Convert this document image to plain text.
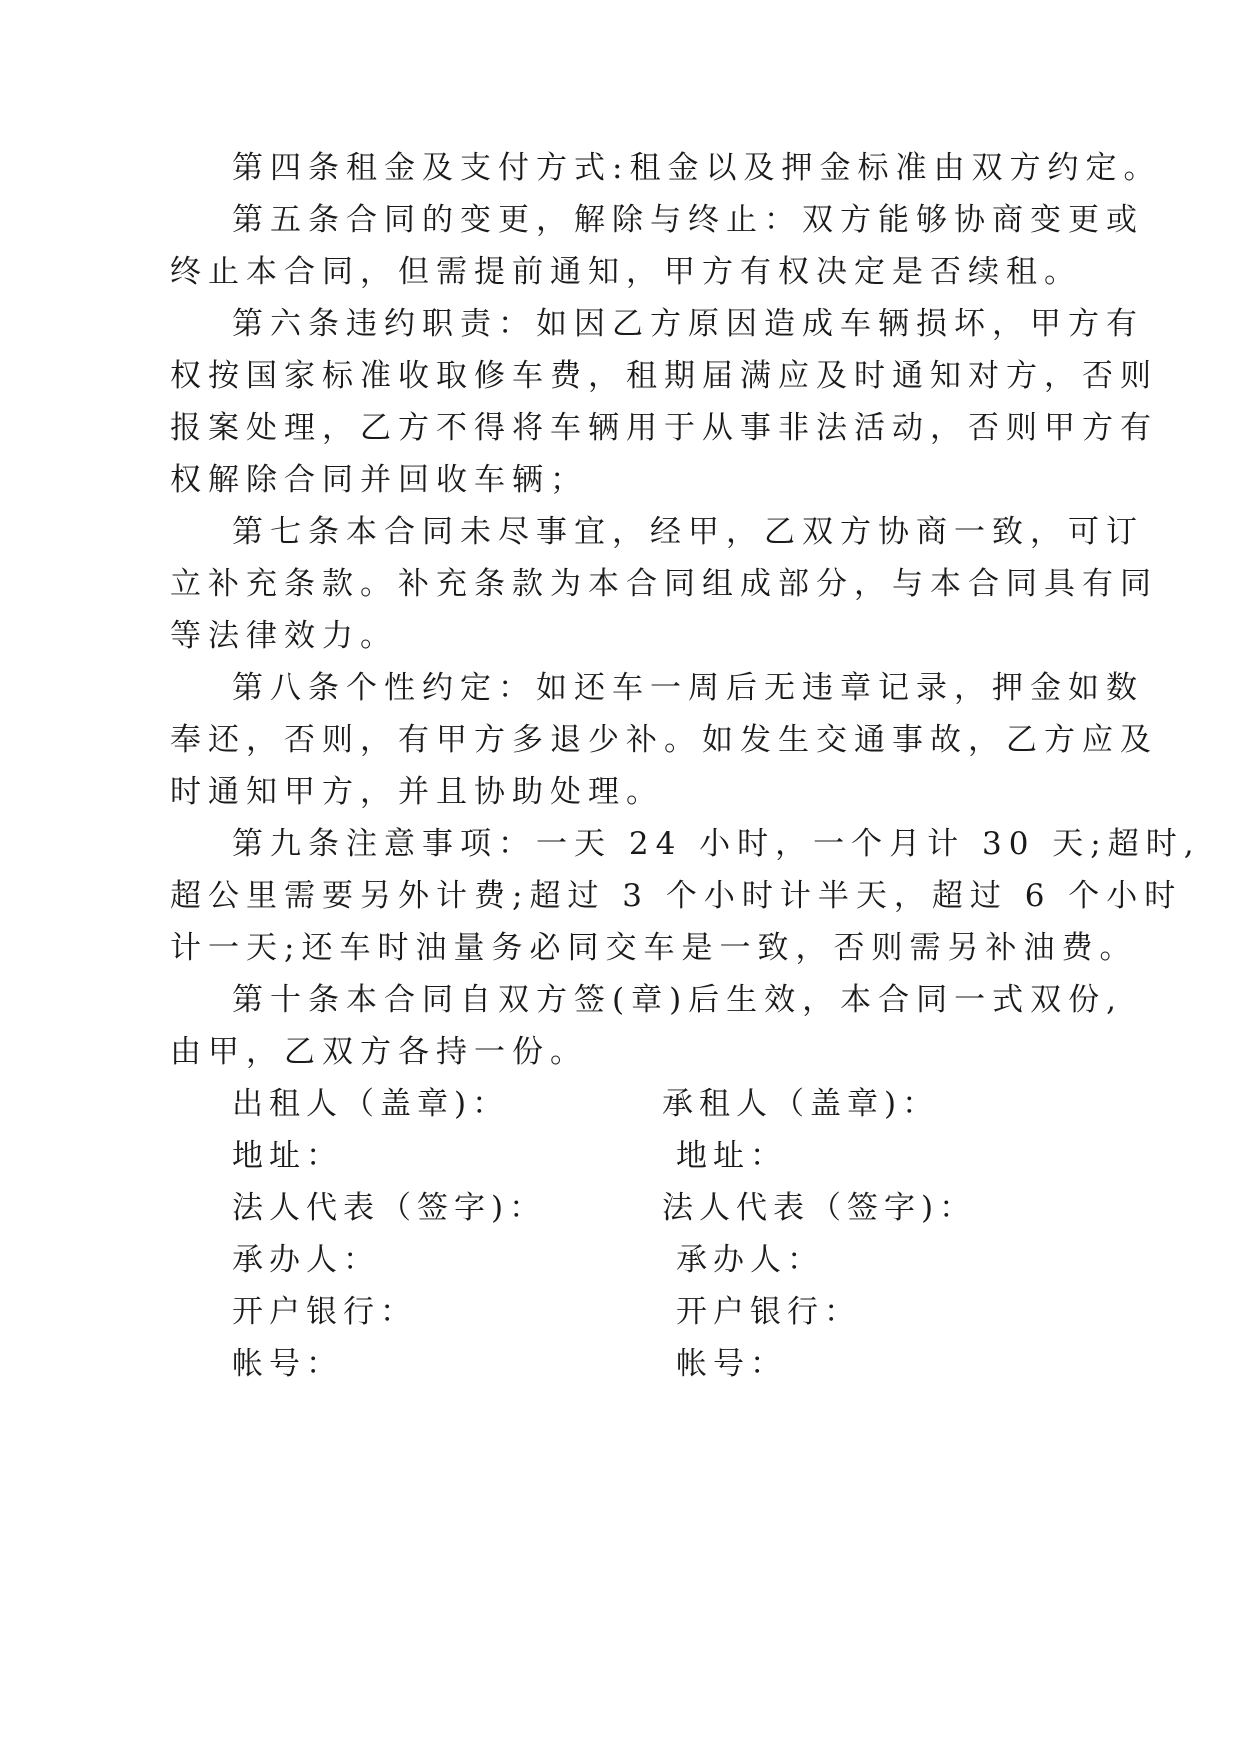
第四条租金及支付方式:租金以及押金标准由双方约定。
第五条合同的变更，解除与终止：双方能够协商变更或
终止本合同，但需提前通知，甲方有权决定是否续租。
第六条违约职责：如因乙方原因造成车辆损坏，甲方有
权按国家标准收取修车费，租期届满应及时通知对方，否则
报案处理，乙方不得将车辆用于从事非法活动，否则甲方有
权解除合同并回收车辆；
第七条本合同未尽事宜，经甲，乙双方协商一致，可订
立补充条款。补充条款为本合同组成部分，与本合同具有同
等法律效力。
第八条个性约定：如还车一周后无违章记录，押金如数
奉还，否则，有甲方多退少补。如发生交通事故，乙方应及
时通知甲方，并且协助处理。
第九条注意事项：一天 24 小时，一个月计 30 天;超时,
超公里需要另外计费;超过 3 个小时计半天，超过 6 个小时
计一天;还车时油量务必同交车是一致，否则需另补油费。
第十条本合同自双方签(章)后生效，本合同一式双份,
由甲，乙双方各持一份。
出租人（盖章)：
地址：
法人代表（签字)：
承办人：
开户银行：
帐号：
承租人（盖章)：
地址：
法人代表（签字)：
承办人：
开户银行：
帐号：
